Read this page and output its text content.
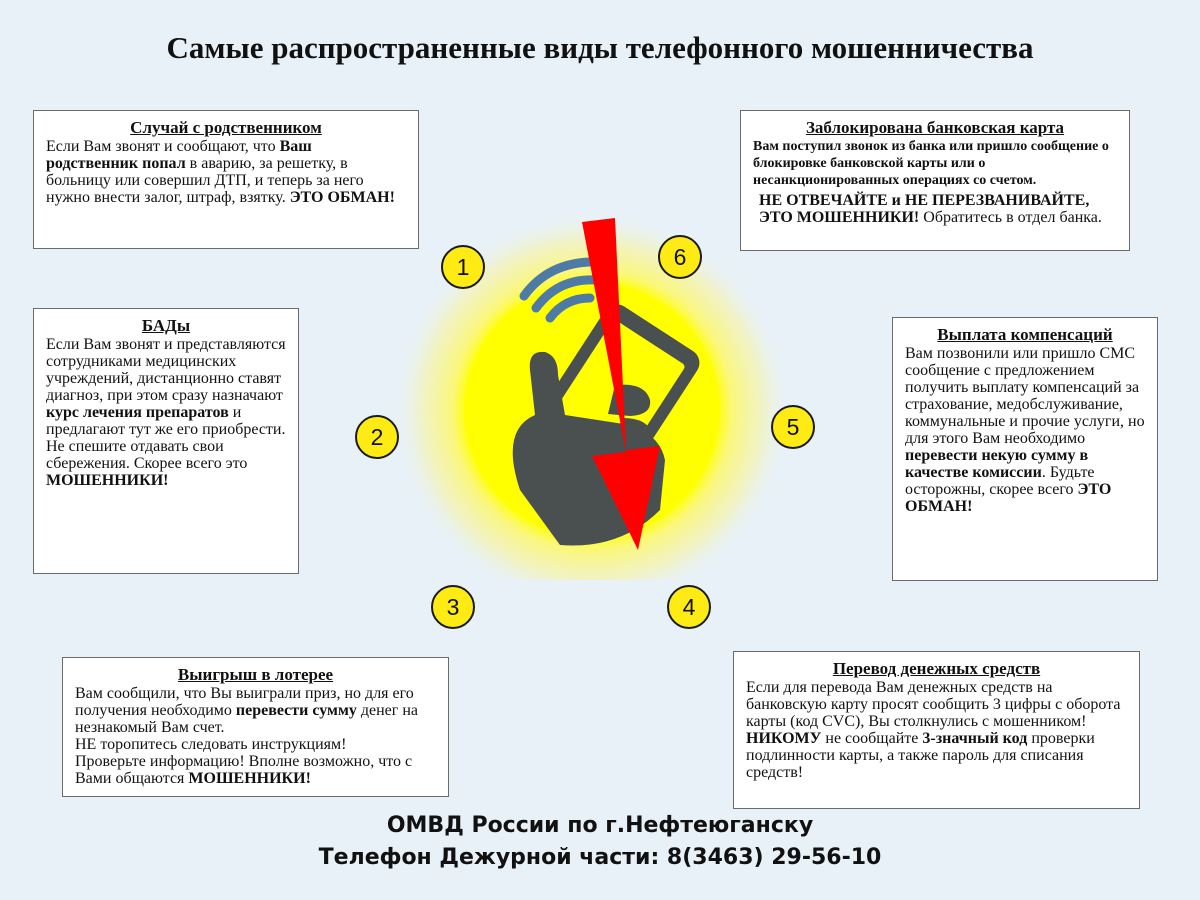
Самые распространенные виды телефонного мошенничества
Случай с родственником

Если Вам звонят и сообщают, что Ваш родственник попал в аварию, за решетку, в больницу или совершил ДТП, и теперь за него нужно внести залог, штраф, взятку. ЭТО ОБМАН!

БАДы

Если Вам звонят и представляются сотрудниками медицинских учреждений, дистанционно ставят диагноз, при этом сразу назначают курс лечения препаратов и предлагают тут же его приобрести. Не спешите отдавать свои сбережения. Скорее всего это МОШЕННИКИ!

Выигрыш в лотерее

Вам сообщили, что Вы выиграли приз, но для его получения необходимо перевести сумму денег на незнакомый Вам счет.
НЕ торопитесь следовать инструкциям!
Проверьте информацию! Вполне возможно, что с Вами общаются МОШЕННИКИ!

Перевод денежных средств

Если для перевода Вам денежных средств на банковскую карту просят сообщить 3 цифры с оборота карты (код CVC), Вы столкнулись с мошенником!
НИКОМУ не сообщайте 3-значный код проверки подлинности карты, а также пароль для списания средств!

Выплата компенсаций

Вам позвонили или пришло СМС сообщение с предложением получить выплату компенсаций за страхование, медобслуживание, коммунальные и прочие услуги, но для этого Вам необходимо перевести некую сумму в качестве комиссии. Будьте осторожны, скорее всего ЭТО ОБМАН!

Заблокирована банковская карта

Вам поступил звонок из банка или пришло сообщение о блокировке банковской карты или о несанкционированных операциях со счетом.

НЕ ОТВЕЧАЙТЕ и НЕ ПЕРЕЗВАНИВАЙТЕ,
ЭТО МОШЕННИКИ! Обратитесь в отдел банка.

1
2
3	4
5
6
ОМВД России по г.Нефтеюганску
Телефон Дежурной части: 8(3463) 29-56-10
